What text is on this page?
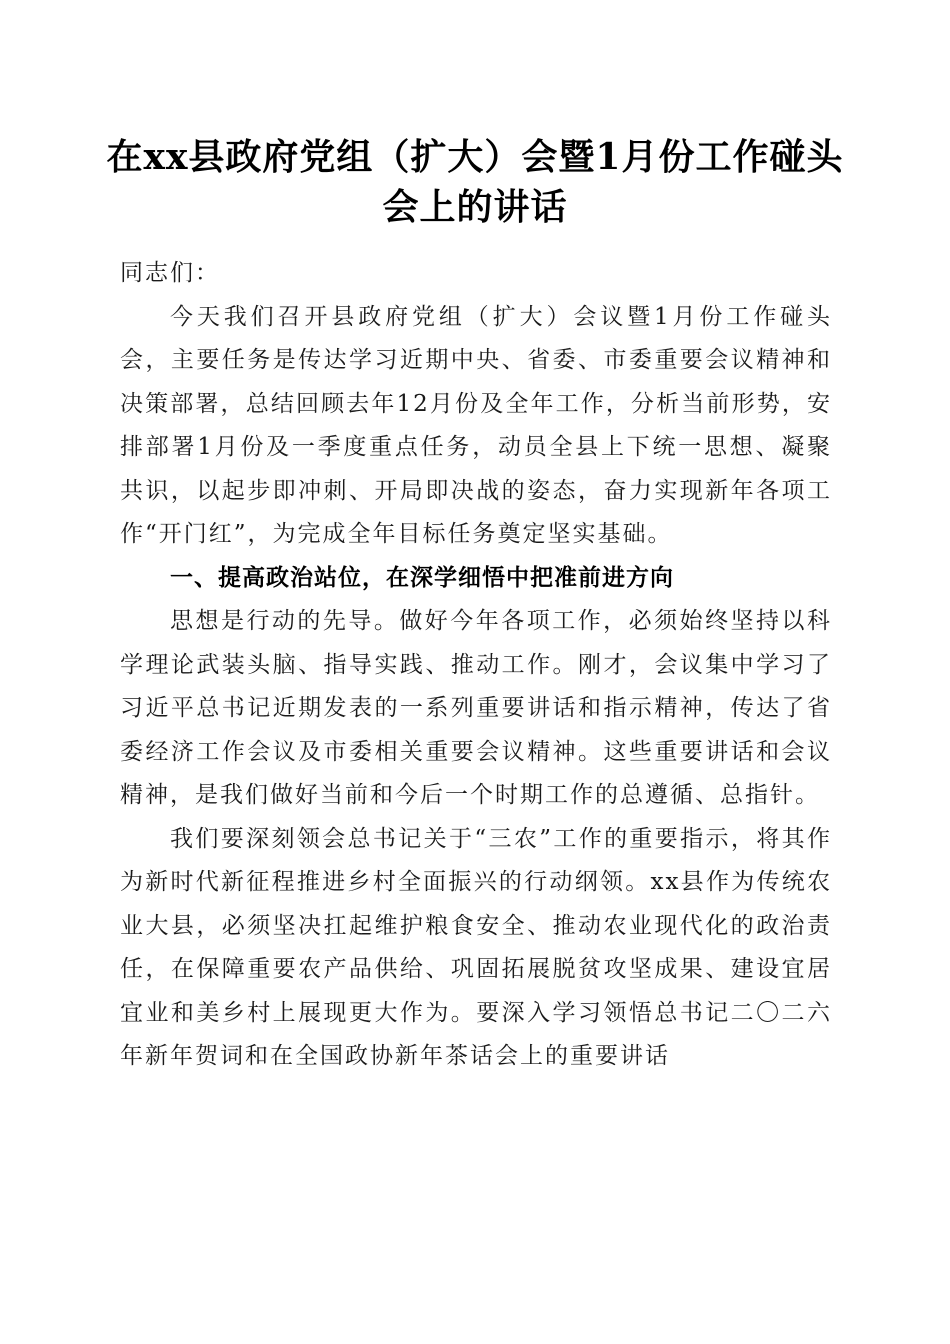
在xx县政府党组（扩大）会暨1月份工作碰头会上的讲话

同志们：

今天我们召开县政府党组（扩大）会议暨1月份工作碰头会，主要任务是传达学习近期中央、省委、市委重要会议精神和决策部署，总结回顾去年12月份及全年工作，分析当前形势，安排部署1月份及一季度重点任务，动员全县上下统一思想、凝聚共识，以起步即冲刺、开局即决战的姿态，奋力实现新年各项工作“开门红”，为完成全年目标任务奠定坚实基础。

一、提高政治站位，在深学细悟中把准前进方向

思想是行动的先导。做好今年各项工作，必须始终坚持以科学理论武装头脑、指导实践、推动工作。刚才，会议集中学习了习近平总书记近期发表的一系列重要讲话和指示精神，传达了省委经济工作会议及市委相关重要会议精神。这些重要讲话和会议精神，是我们做好当前和今后一个时期工作的总遵循、总指针。

我们要深刻领会总书记关于“三农”工作的重要指示，将其作为新时代新征程推进乡村全面振兴的行动纲领。xx县作为传统农业大县，必须坚决扛起维护粮食安全、推动农业现代化的政治责任，在保障重要农产品供给、巩固拓展脱贫攻坚成果、建设宜居宜业和美乡村上展现更大作为。要深入学习领悟总书记二〇二六年新年贺词和在全国政协新年茶话会上的重要讲话
